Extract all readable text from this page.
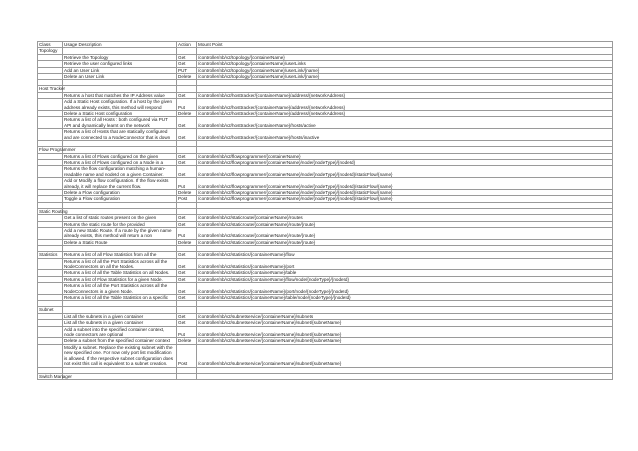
Class	Usage Description	Action	Mount Point
Topology			
	Retrieve the Topology	Get	/controller/nb/v2/topology/{containerName}
	Retrieve the user configured links	Get	/controller/nb/v2/topology/{containerName}/userLinks
	Add an User Link	PUT	/controller/nb/v2/topology/{containerName}/userLink/{name}
	Delete an User Link	Delete	/controller/nb/v2/topology/{containerName}/userLink/{name}

Host Tracker			
	Returns a host that matches the IP Address value	Get	/controller/nb/v2/hosttracker/{containerName}/address/{networkAddress}
	Add a Static Host configuration. If a host by the given address already exists, this method will respond	Put	/controller/nb/v2/hosttracker/{containerName}/address/{networkAddress}
	Delete a Static Host configuration	Delete	/controller/nb/v2/hosttracker/{containerName}/address/{networkAddress}
	Returns a list of all Hosts : both configured via PUT API and dynamically learnt on the network	Get	/controller/nb/v2/hosttracker/{containerName}/hosts/active
	Returns a list of Hosts that are statically configured and are connected to a NodeConnector that is down	Get	/controller/nb/v2/hosttracker/{containerName}/hosts/inactive

Flow Programmer			
	Returns a list of Flows configured on the given	Get	/controller/nb/v2/flowprogrammer/{containerName}
	Returns a list of Flows configured on a Node in a	Get	/controller/nb/v2/flowprogrammer/{containerName}/node/{nodeType}/{nodeId}
	Returns the flow configuration matching a human-readable name and nodeId on a given Container.	Get	/controller/nb/v2/flowprogrammer/{containerName}/node/{nodeType}/{nodeId}/staticFlow/{name}
	Add or Modify a flow configuration. If the flow exists already, it will replace the current flow.	Put	/controller/nb/v2/flowprogrammer/{containerName}/node/{nodeType}/{nodeId}/staticFlow/{name}
	Delete a Flow configuration	Delete	/controller/nb/v2/flowprogrammer/{containerName}/node/{nodeType}/{nodeId}/staticFlow/{name}
	Toggle a Flow configuration	Post	/controller/nb/v2/flowprogrammer/{containerName}/node/{nodeType}/{nodeId}/staticFlow/{name}

Static Routing			
	Get a list of static routes present on the given	Get	/controller/nb/v2/staticroute/{containerName}/routes
	Returns the static route for the provided	Get	/controller/nb/v2/staticroute/{containerName}/route/{route}
	Add a new Static Route. If a route by the given name already exists, this method will return a non	Put	/controller/nb/v2/staticroute/{containerName}/route/{route}
	Delete a Static Route	Delete	/controller/nb/v2/staticroute/{containerName}/route/{route}

Statistics	Returns a list of all Flow Statistics from all the	Get	/controller/nb/v2/statistics/{containerName}/flow
	Returns a list of all the Port Statistics across all the NodeConnectors on all the Nodes.	Get	/controller/nb/v2/statistics/{containerName}/port
	Returns a list of all the Table Statistics on all Nodes.	Get	/controller/nb/v2/statistics/{containerName}/table
	Returns a list of Flow Statistics for a given Node.	Get	/controller/nb/v2/statistics/{containerName}/flow/node/{nodeType}/{nodeId}
	Returns a list of all the Port Statistics across all the NodeConnectors in a given Node.	Get	/controller/nb/v2/statistics/{containerName}/port/node/{nodeType}/{nodeId}
	Returns a list of all the Table Statistics on a specific	Get	/controller/nb/v2/statistics/{containerName}/table/node/{nodeType}/{nodeId}

Subnet			
	List all the subnets in a given container	Get	/controller/nb/v2/subnetservice/{containerName}/subnets
	List all the subnets in a given container	Get	/controller/nb/v2/subnetservice/{containerName}/subnet/{subnetName}
	Add a subnet into the specified container context, node connectors are optional	Put	/controller/nb/v2/subnetservice/{containerName}/subnet/{subnetName}
	Delete a subnet from the specified container context	Delete	/controller/nb/v2/subnetservice/{containerName}/subnet/{subnetName}
	Modify a subnet. Replace the existing subnet with the new specified one. For now only port list modification is allowed. If the respective subnet configuration does not exist this call is equivalent to a subnet creation.	Post	/controller/nb/v2/subnetservice/{containerName}/subnet/{subnetName}

Switch Manager			
